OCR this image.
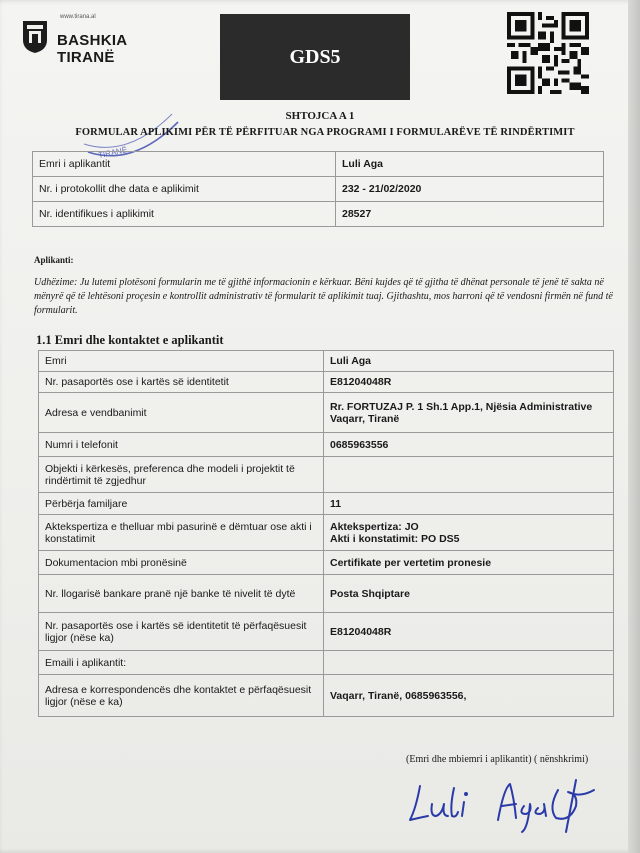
www.tirana.al
BASHKIA
TIRANË	GDS5
TIRANË
SHTOJCA A 1
FORMULAR APLIKIMI PËR TË PËRFITUAR NGA PROGRAMI I FORMULARËVE TË RINDËRTIMIT
Emri i aplikantit	Luli Aga
Nr. i protokollit dhe data e aplikimit	232 - 21/02/2020
Nr. identifikues i aplikimit	28527
Aplikanti:
Udhëzime: Ju lutemi plotësoni formularin me të gjithë informacionin e kërkuar. Bëni kujdes që të gjitha të dhënat personale të jenë të sakta në mënyrë që të lehtësoni proçesin e kontrollit administrativ të formularit të aplikimit tuaj. Gjithashtu, mos harroni që të vendosni firmën në fund të formularit.
1.1 Emri dhe kontaktet e aplikantit
Emri	Luli Aga
Nr. pasaportës ose i kartës së identitetit	E81204048R
Adresa e vendbanimit	Rr. FORTUZAJ P. 1 Sh.1 App.1, Njësia Administrative Vaqarr, Tiranë
Numri i telefonit	0685963556
Objekti i kërkesës, preferenca dhe modeli i projektit të rindërtimit të zgjedhur	
Përbërja familjare	11
Aktekspertiza e thelluar mbi pasurinë e dëmtuar ose akti i konstatimit	Aktekspertiza: JO
Akti i konstatimit: PO DS5

Dokumentacion mbi pronësinë	Certifikate per vertetim pronesie
Nr. llogarisë bankare pranë një banke të nivelit të dytë	Posta Shqiptare
Nr. pasaportës ose i kartës së identitetit të përfaqësuesit ligjor (nëse ka)	E81204048R
Emaili i aplikantit:	
Adresa e korrespondencës dhe kontaktet e përfaqësuesit ligjor (nëse e ka)	Vaqarr, Tiranë, 0685963556,
(Emri dhe mbiemri i aplikantit) ( nënshkrimi)
